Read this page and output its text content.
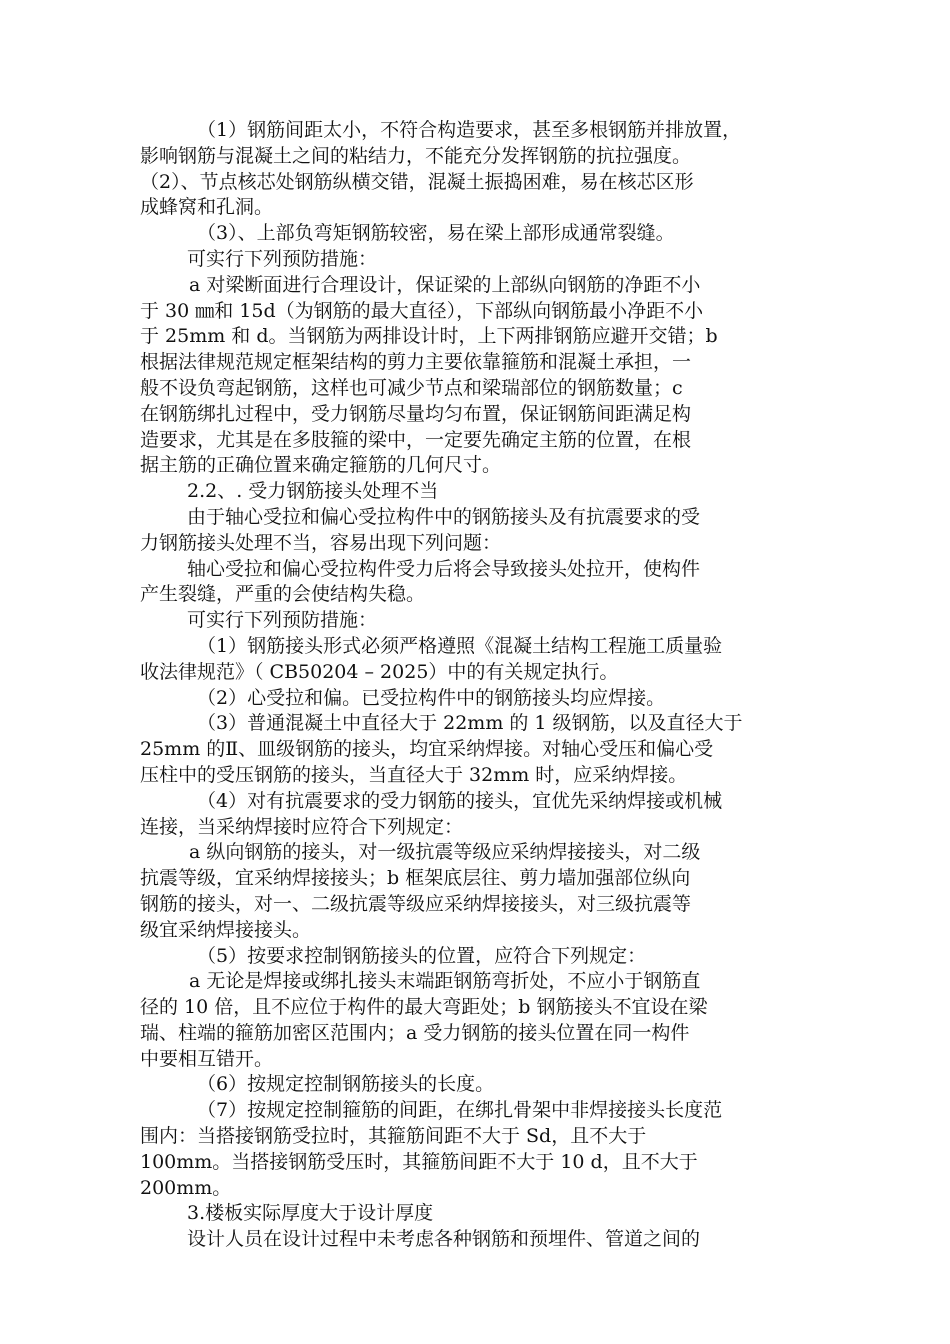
（1）钢筋间距太小，不符合构造要求，甚至多根钢筋并排放置，
影响钢筋与混凝土之间的粘结力，不能充分发挥钢筋的抗拉强度。
（2）、节点核芯处钢筋纵横交错，混凝土振捣困难，易在核芯区形
成蜂窝和孔洞。
（3）、上部负弯矩钢筋较密，易在梁上部形成通常裂缝。
可实行下列预防措施：
a 对梁断面进行合理设计，保证梁的上部纵向钢筋的净距不小
于 30 ㎜和 15d（为钢筋的最大直径），下部纵向钢筋最小净距不小
于 25mm 和 d。当钢筋为两排设计时，上下两排钢筋应避开交错；b
根据法律规范规定框架结构的剪力主要依靠箍筋和混凝土承担，一
般不设负弯起钢筋，这样也可减少节点和梁瑞部位的钢筋数量；c
在钢筋绑扎过程中，受力钢筋尽量均匀布置，保证钢筋间距满足构
造要求，尤其是在多肢箍的梁中，一定要先确定主筋的位置，在根
据主筋的正确位置来确定箍筋的几何尺寸。
2.2、. 受力钢筋接头处理不当
由于轴心受拉和偏心受拉构件中的钢筋接头及有抗震要求的受
力钢筋接头处理不当，容易出现下列问题：
轴心受拉和偏心受拉构件受力后将会导致接头处拉开，使构件
产生裂缝，严重的会使结构失稳。
可实行下列预防措施：
（1）钢筋接头形式必须严格遵照《混凝土结构工程施工质量验
收法律规范》（ CB50204 – 2025）中的有关规定执行。
（2）心受拉和偏。已受拉构件中的钢筋接头均应焊接。
（3）普通混凝土中直径大于 22mm 的 1 级钢筋，以及直径大于
25mm 的Ⅱ、皿级钢筋的接头，均宜采纳焊接。对轴心受压和偏心受
压柱中的受压钢筋的接头，当直径大于 32mm 时，应采纳焊接。
（4）对有抗震要求的受力钢筋的接头，宜优先采纳焊接或机械
连接，当采纳焊接时应符合下列规定：
a 纵向钢筋的接头，对一级抗震等级应采纳焊接接头，对二级
抗震等级，宜采纳焊接接头；b 框架底层往、剪力墙加强部位纵向
钢筋的接头，对一、二级抗震等级应采纳焊接接头，对三级抗震等
级宜采纳焊接接头。
（5）按要求控制钢筋接头的位置，应符合下列规定：
a 无论是焊接或绑扎接头末端距钢筋弯折处，不应小于钢筋直
径的 10 倍，且不应位于构件的最大弯距处；b 钢筋接头不宜设在梁
瑞、柱端的箍筋加密区范围内；a 受力钢筋的接头位置在同一构件
中要相互错开。
（6）按规定控制钢筋接头的长度。
（7）按规定控制箍筋的间距，在绑扎骨架中非焊接接头长度范
围内：当搭接钢筋受拉时，其箍筋间距不大于 Sd，且不大于
100mm。当搭接钢筋受压时，其箍筋间距不大于 10 d，且不大于
200mm。
3.楼板实际厚度大于设计厚度
设计人员在设计过程中未考虑各种钢筋和预埋件、管道之间的
